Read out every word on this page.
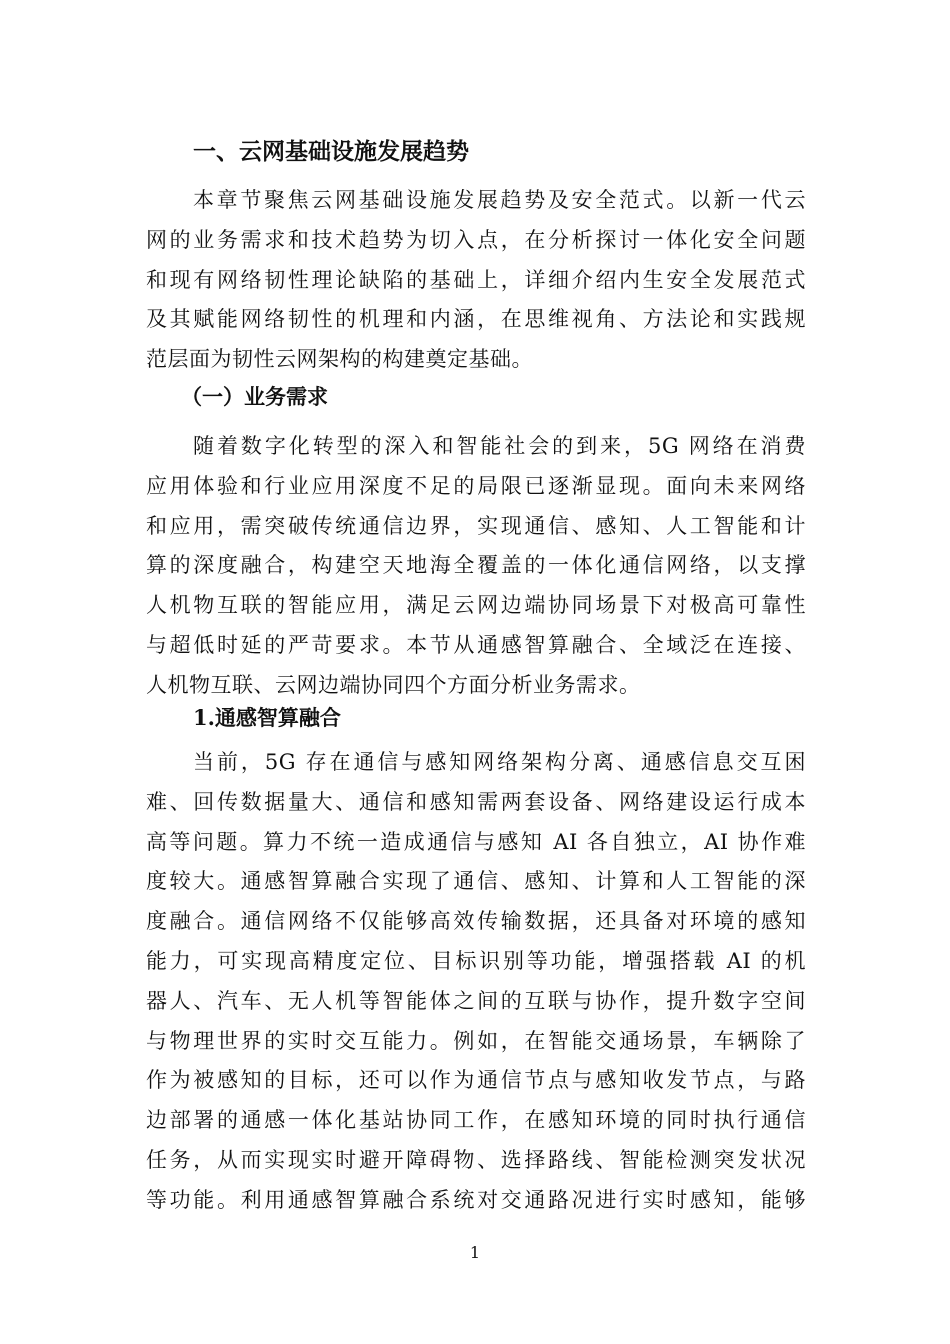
一、云网基础设施发展趋势
本章节聚焦云网基础设施发展趋势及安全范式。以新一代云
网的业务需求和技术趋势为切入点，在分析探讨一体化安全问题
和现有网络韧性理论缺陷的基础上，详细介绍内生安全发展范式
及其赋能网络韧性的机理和内涵，在思维视角、方法论和实践规
范层面为韧性云网架构的构建奠定基础。
（一）业务需求
随着数字化转型的深入和智能社会的到来，5G 网络在消费
应用体验和行业应用深度不足的局限已逐渐显现。面向未来网络
和应用，需突破传统通信边界，实现通信、感知、人工智能和计
算的深度融合，构建空天地海全覆盖的一体化通信网络，以支撑
人机物互联的智能应用，满足云网边端协同场景下对极高可靠性
与超低时延的严苛要求。本节从通感智算融合、全域泛在连接、
人机物互联、云网边端协同四个方面分析业务需求。
1.通感智算融合
当前，5G 存在通信与感知网络架构分离、通感信息交互困
难、回传数据量大、通信和感知需两套设备、网络建设运行成本
高等问题。算力不统一造成通信与感知 AI 各自独立，AI 协作难
度较大。通感智算融合实现了通信、感知、计算和人工智能的深
度融合。通信网络不仅能够高效传输数据，还具备对环境的感知
能力，可实现高精度定位、目标识别等功能，增强搭载 AI 的机
器人、汽车、无人机等智能体之间的互联与协作，提升数字空间
与物理世界的实时交互能力。例如，在智能交通场景，车辆除了
作为被感知的目标，还可以作为通信节点与感知收发节点，与路
边部署的通感一体化基站协同工作，在感知环境的同时执行通信
任务，从而实现实时避开障碍物、选择路线、智能检测突发状况
等功能。利用通感智算融合系统对交通路况进行实时感知，能够
1
